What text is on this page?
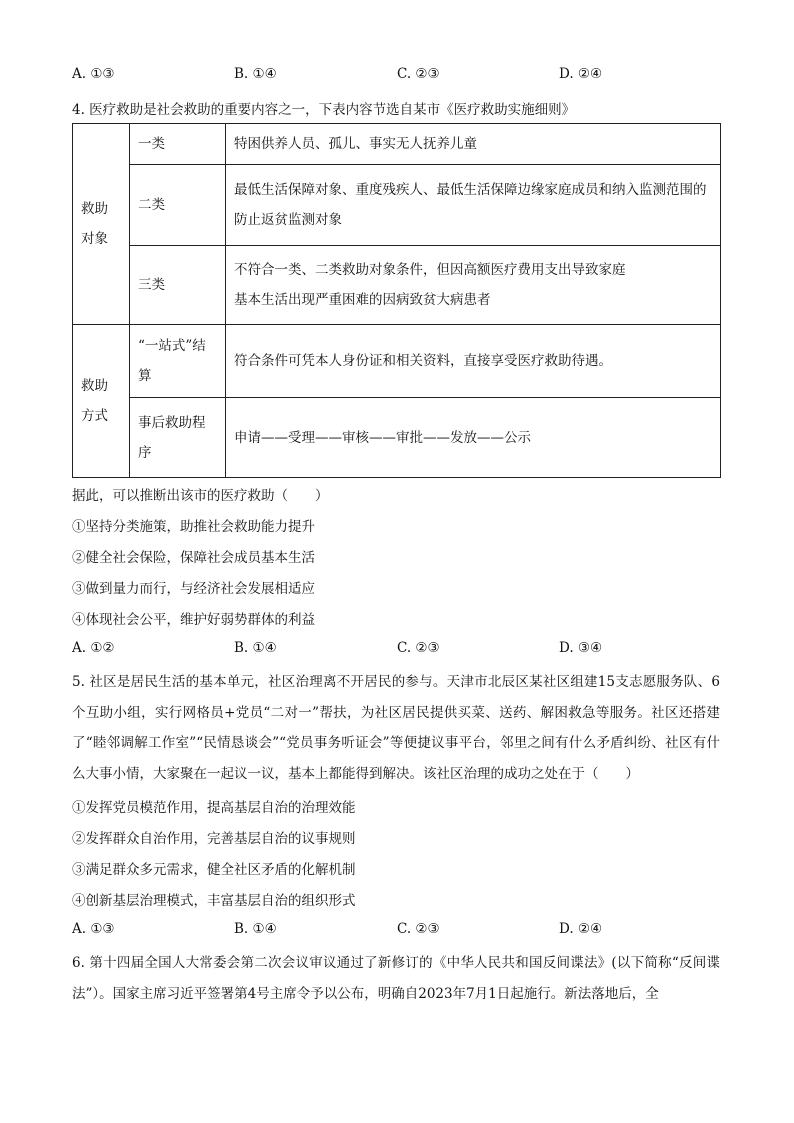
A. ①③	B. ①④	C. ②③	D. ②④
4. 医疗救助是社会救助的重要内容之一，下表内容节选自某市《医疗救助实施细则》
救助对象	一类	特困供养人员、孤儿、事实无人抚养儿童
	二类	最低生活保障对象、重度残疾人、最低生活保障边缘家庭成员和纳入监测范围的防止返贫监测对象
	三类	不符合一类、二类救助对象条件，但因高额医疗费用支出导致家庭
基本生活出现严重困难的因病致贫大病患者

救助方式	“一站式”结算	符合条件可凭本人身份证和相关资料，直接享受医疗救助待遇。
	事后救助程序	申请——受理——审核——审批——发放——公示
据此，可以推断出该市的医疗救助（　　）
①坚持分类施策，助推社会救助能力提升
②健全社会保险，保障社会成员基本生活
③做到量力而行，与经济社会发展相适应
④体现社会公平，维护好弱势群体的利益
A. ①②	B. ①④	C. ②③	D. ③④
5. 社区是居民生活的基本单元，社区治理离不开居民的参与。天津市北辰区某社区组建15支志愿服务队、6个互助小组，实行网格员+党员“二对一”帮扶，为社区居民提供买菜、送药、解困救急等服务。社区还搭建了“睦邻调解工作室”“民情恳谈会”“党员事务听证会”等便捷议事平台，邻里之间有什么矛盾纠纷、社区有什么大事小情，大家聚在一起议一议，基本上都能得到解决。该社区治理的成功之处在于（　　）
①发挥党员模范作用，提高基层自治的治理效能
②发挥群众自治作用，完善基层自治的议事规则
③满足群众多元需求，健全社区矛盾的化解机制
④创新基层治理模式，丰富基层自治的组织形式
A. ①③	B. ①④	C. ②③	D. ②④
6. 第十四届全国人大常委会第二次会议审议通过了新修订的《中华人民共和国反间谍法》(以下简称“反间谍法”）。国家主席习近平签署第4号主席令予以公布，明确自2023年7月1日起施行。新法落地后，全
